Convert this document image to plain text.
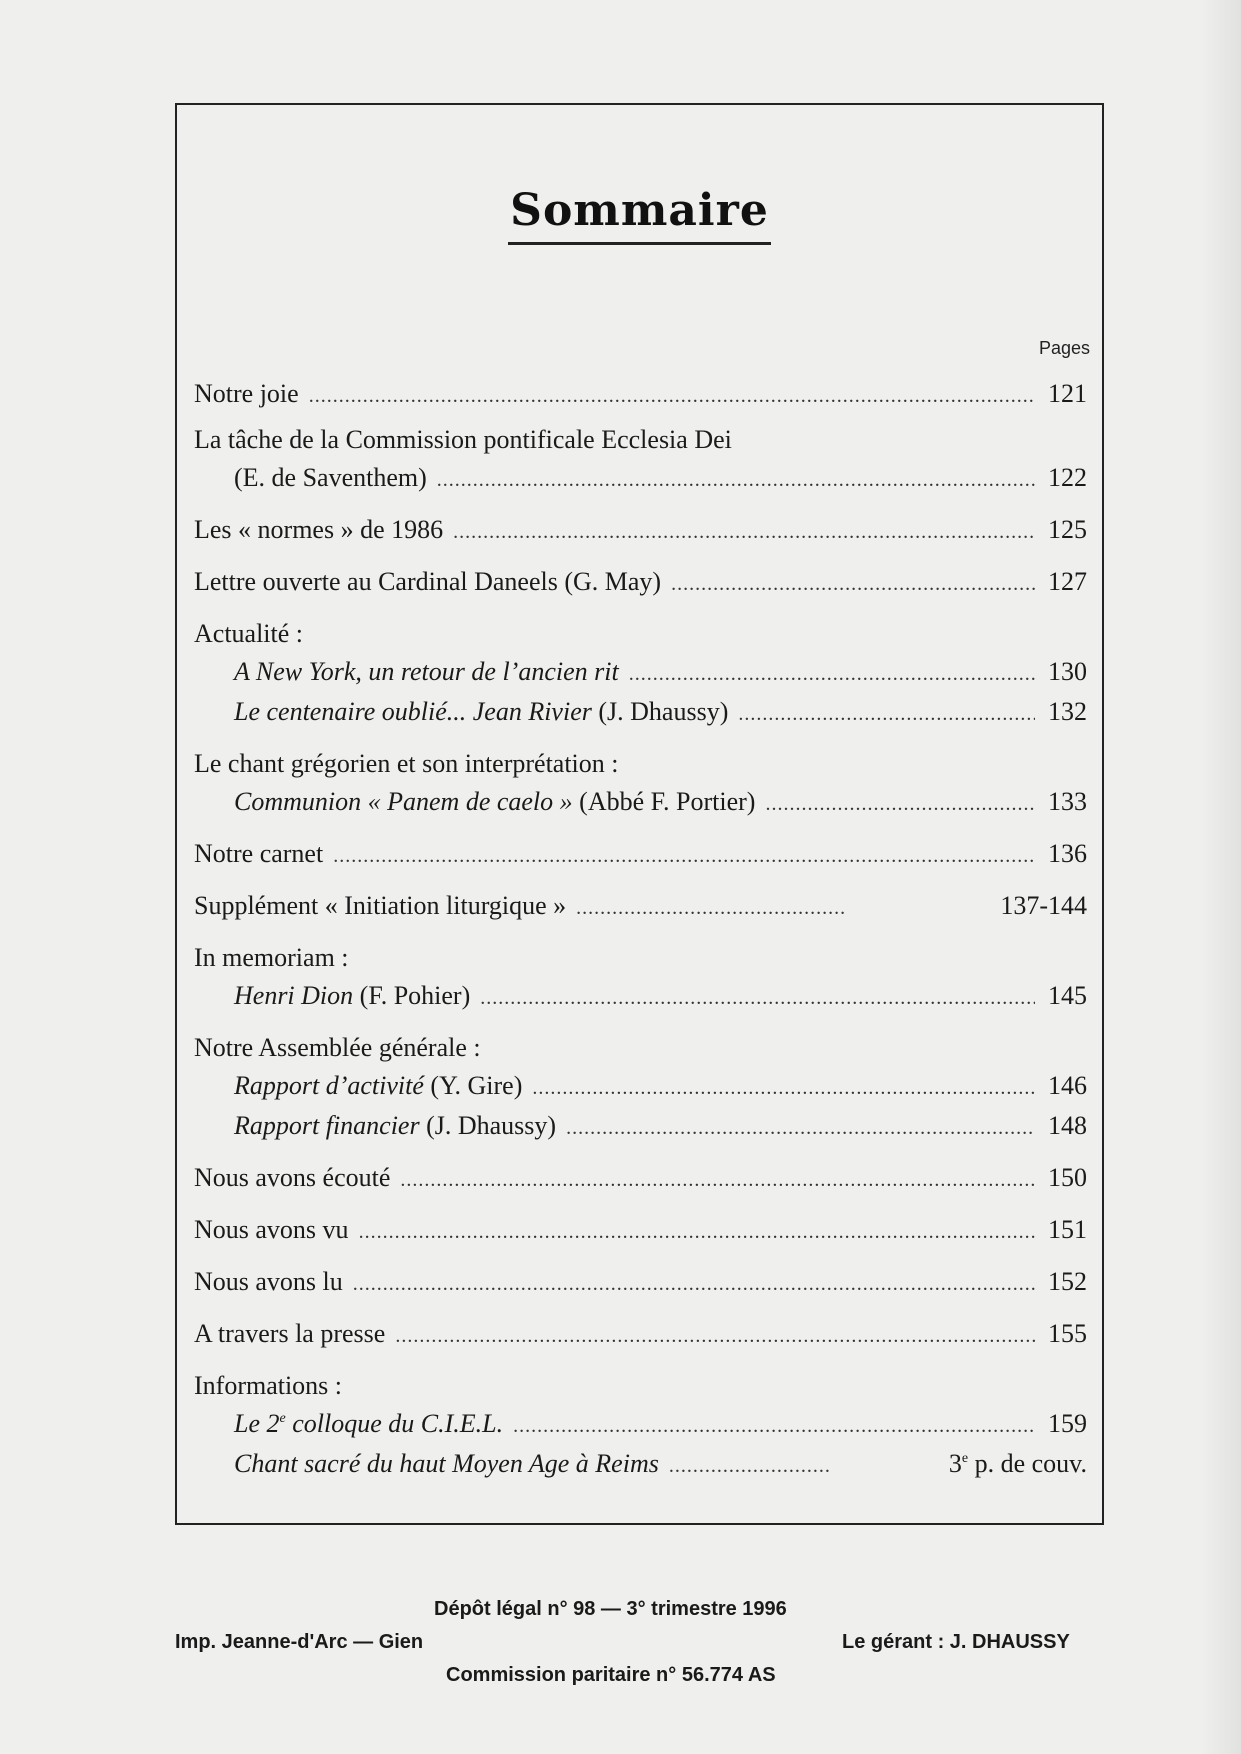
Sommaire
Pages
Notre joie .....	121
La tâche de la Commission pontificale Ecclesia Dei
(E. de Saventhem) .....	122
Les « normes » de 1986 .....	125
Lettre ouverte au Cardinal Daneels (G. May) .....	127
Actualité :
A New York, un retour de l’ancien rit .....	130
Le centenaire oublié... Jean Rivier (J. Dhaussy) .....	132
Le chant grégorien et son interprétation :
Communion « Panem de caelo » (Abbé F. Portier) .....	133
Notre carnet .....	136
Supplément « Initiation liturgique » .....	137-144
In memoriam :
Henri Dion (F. Pohier) .....	145
Notre Assemblée générale :
Rapport d’activité (Y. Gire) .....	146
Rapport financier (J. Dhaussy) .....	148
Nous avons écouté .....	150
Nous avons vu .....	151
Nous avons lu .....	152
A travers la presse .....	155
Informations :
Le 2e colloque du C.I.E.L. .....	159
Chant sacré du haut Moyen Age à Reims .....	3e p. de couv.
Dépôt légal n° 98 — 3° trimestre 1996
Imp. Jeanne-d'Arc — Gien	Le gérant : J. DHAUSSY
Commission paritaire n° 56.774 AS
